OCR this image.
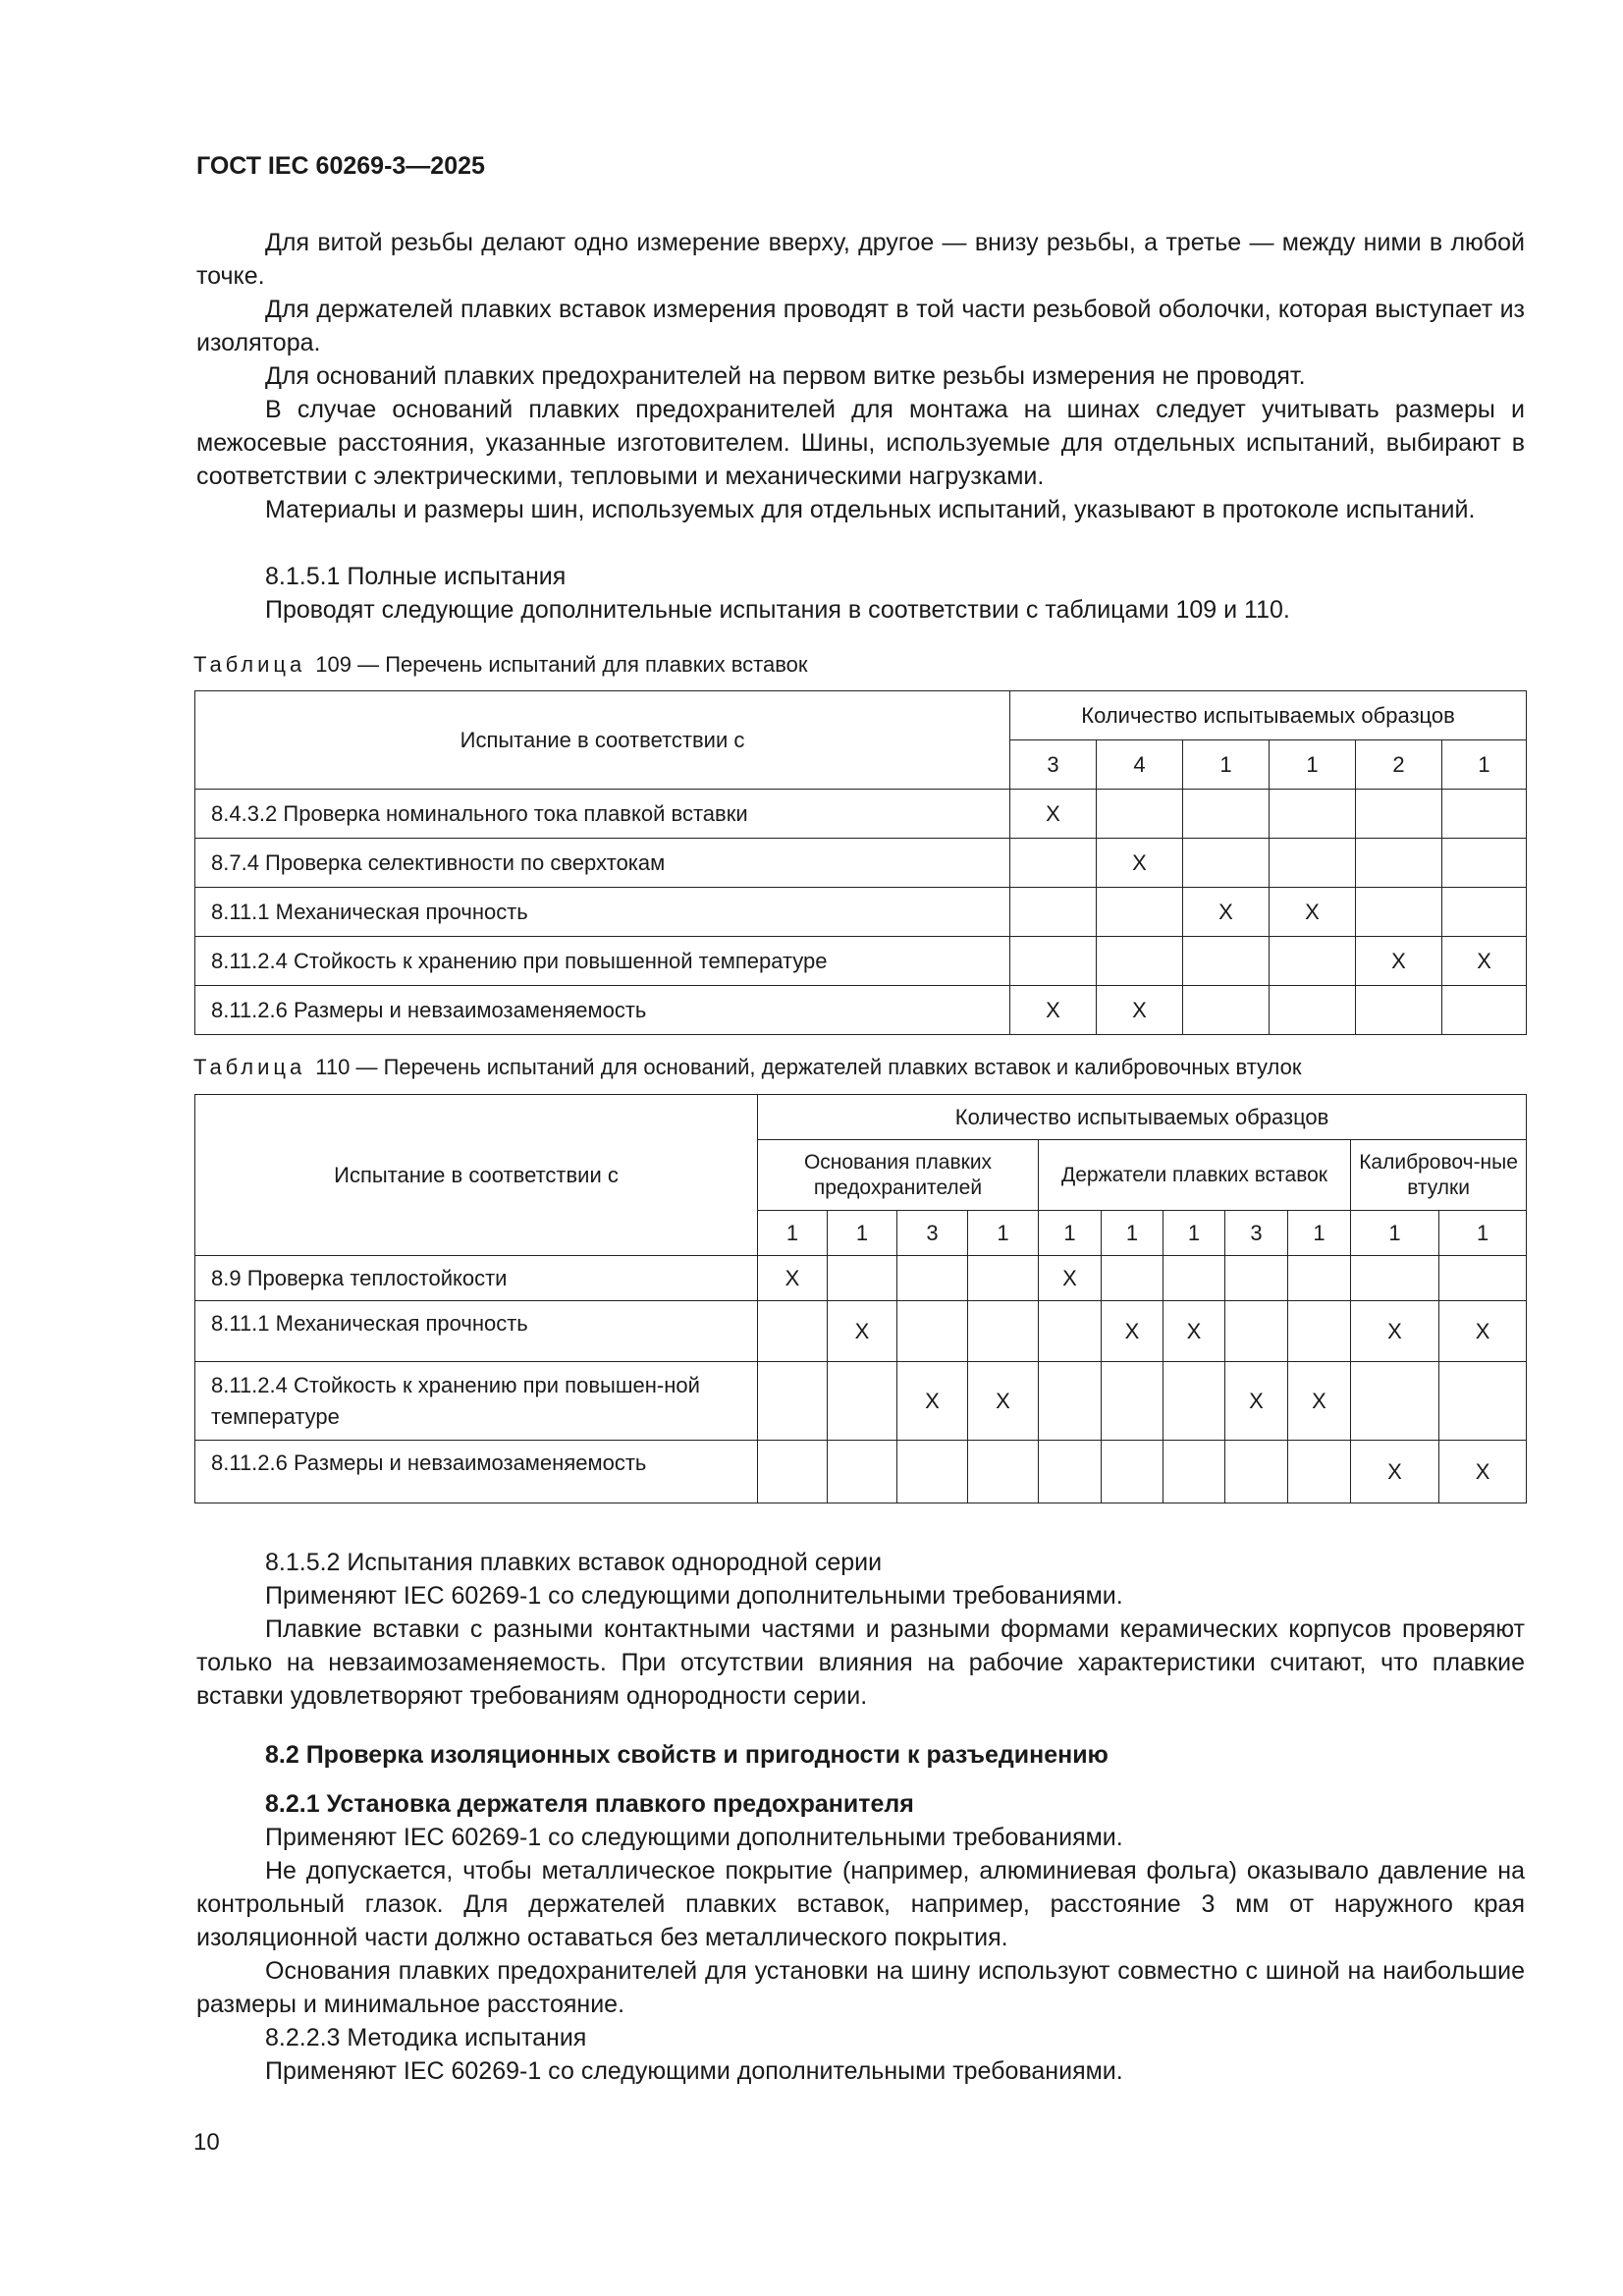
ГОСТ IEC 60269-3—2025

Для витой резьбы делают одно измерение вверху, другое — внизу резьбы, а третье — между ними в любой точке.

Для держателей плавких вставок измерения проводят в той части резьбовой оболочки, которая выступает из изолятора.

Для оснований плавких предохранителей на первом витке резьбы измерения не проводят.

В случае оснований плавких предохранителей для монтажа на шинах следует учитывать размеры и межосевые расстояния, указанные изготовителем. Шины, используемые для отдельных испытаний, выбирают в соответствии с электрическими, тепловыми и механическими нагрузками.

Материалы и размеры шин, используемых для отдельных испытаний, указывают в протоколе испытаний.

8.1.5.1 Полные испытания
Проводят следующие дополнительные испытания в соответствии с таблицами 109 и 110.
Таблица 109 — Перечень испытаний для плавких вставок
Испытание в соответствии с	Количество испытываемых образцов					
	3	4	1	1	2	1
8.4.3.2 Проверка номинального тока плавкой вставки	X					
8.7.4 Проверка селективности по сверхтокам		X				
8.11.1 Механическая прочность			X	X		
8.11.2.4 Стойкость к хранению при повышенной температуре					X	X
8.11.2.6 Размеры и невзаимозаменяемость	X	X				
Таблица 110 — Перечень испытаний для оснований, держателей плавких вставок и калибровочных втулок
Испытание в соответствии с	Количество испытываемых образцов										
	Основания плавких предохранителей				Держатели плавких вставок					Калибровоч-ные втулки	
	1	1	3	1	1	1	1	3	1	1	1
8.9 Проверка теплостойкости	X				X						
8.11.1 Механическая прочность		X				X	X			X	X
8.11.2.4 Стойкость к хранению при повышен-ной температуре			X	X				X	X		
8.11.2.6 Размеры и невзаимозаменяемость										X	X
8.1.5.2 Испытания плавких вставок однородной серии
Применяют IEC 60269-1 со следующими дополнительными требованиями.

Плавкие вставки с разными контактными частями и разными формами керамических корпусов проверяют только на невзаимозаменяемость. При отсутствии влияния на рабочие характеристики считают, что плавкие вставки удовлетворяют требованиям однородности серии.

8.2 Проверка изоляционных свойств и пригодности к разъединению
8.2.1 Установка держателя плавкого предохранителя
Применяют IEC 60269-1 со следующими дополнительными требованиями.

Не допускается, чтобы металлическое покрытие (например, алюминиевая фольга) оказывало давление на контрольный глазок. Для держателей плавких вставок, например, расстояние 3 мм от наружного края изоляционной части должно оставаться без металлического покрытия.

Основания плавких предохранителей для установки на шину используют совместно с шиной на наибольшие размеры и минимальное расстояние.

8.2.2.3 Методика испытания
Применяют IEC 60269-1 со следующими дополнительными требованиями.
10
